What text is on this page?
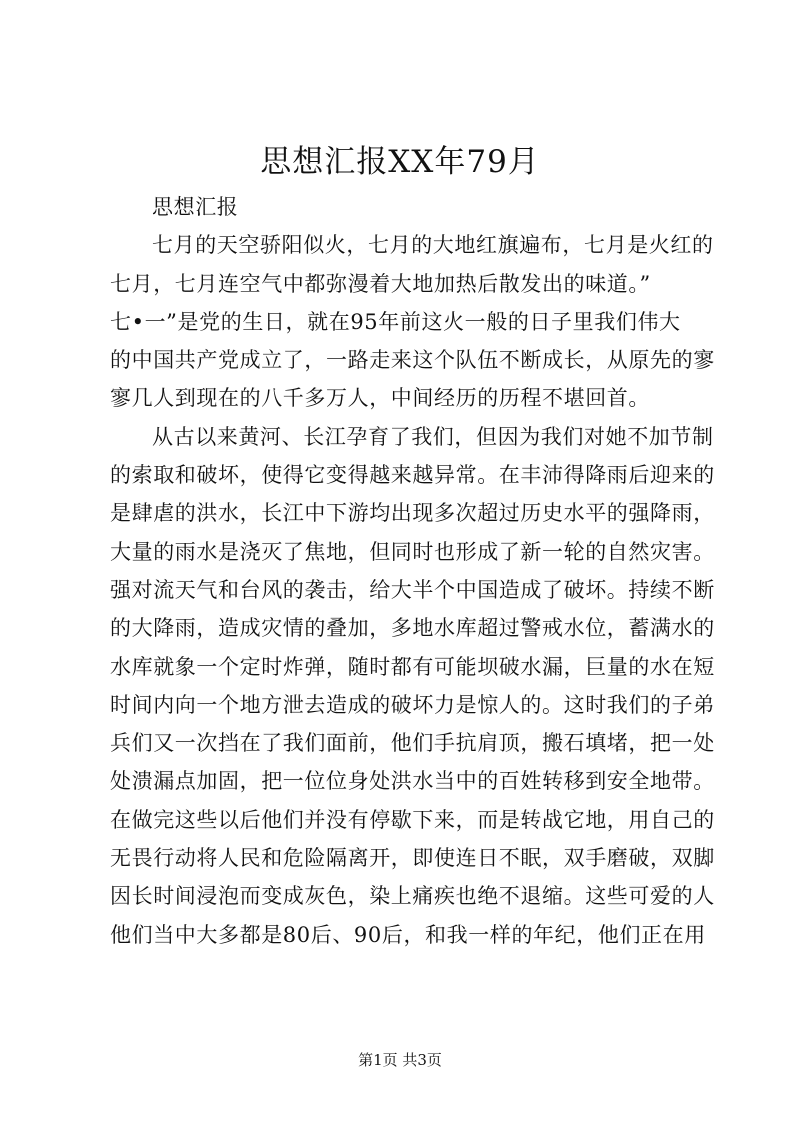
思想汇报XX年79月

思想汇报

七月的天空骄阳似火，七月的大地红旗遍布，七月是火红的
七月，七月连空气中都弥漫着大地加热后散发出的味道。”
七•一”是党的生日，就在95年前这火一般的日子里我们伟大
的中国共产党成立了，一路走来这个队伍不断成长，从原先的寥
寥几人到现在的八千多万人，中间经历的历程不堪回首。

从古以来黄河、长江孕育了我们，但因为我们对她不加节制
的索取和破坏，使得它变得越来越异常。在丰沛得降雨后迎来的
是肆虐的洪水，长江中下游均出现多次超过历史水平的强降雨，
大量的雨水是浇灭了焦地，但同时也形成了新一轮的自然灾害。
强对流天气和台风的袭击，给大半个中国造成了破坏。持续不断
的大降雨，造成灾情的叠加，多地水库超过警戒水位，蓄满水的
水库就象一个定时炸弹，随时都有可能坝破水漏，巨量的水在短
时间内向一个地方泄去造成的破坏力是惊人的。这时我们的子弟
兵们又一次挡在了我们面前，他们手抗肩顶，搬石填堵，把一处
处溃漏点加固，把一位位身处洪水当中的百姓转移到安全地带。
在做完这些以后他们并没有停歇下来，而是转战它地，用自己的
无畏行动将人民和危险隔离开，即使连日不眠，双手磨破，双脚
因长时间浸泡而变成灰色，染上痛疾也绝不退缩。这些可爱的人
他们当中大多都是80后、90后，和我一样的年纪，他们正在用

第1页 共3页
